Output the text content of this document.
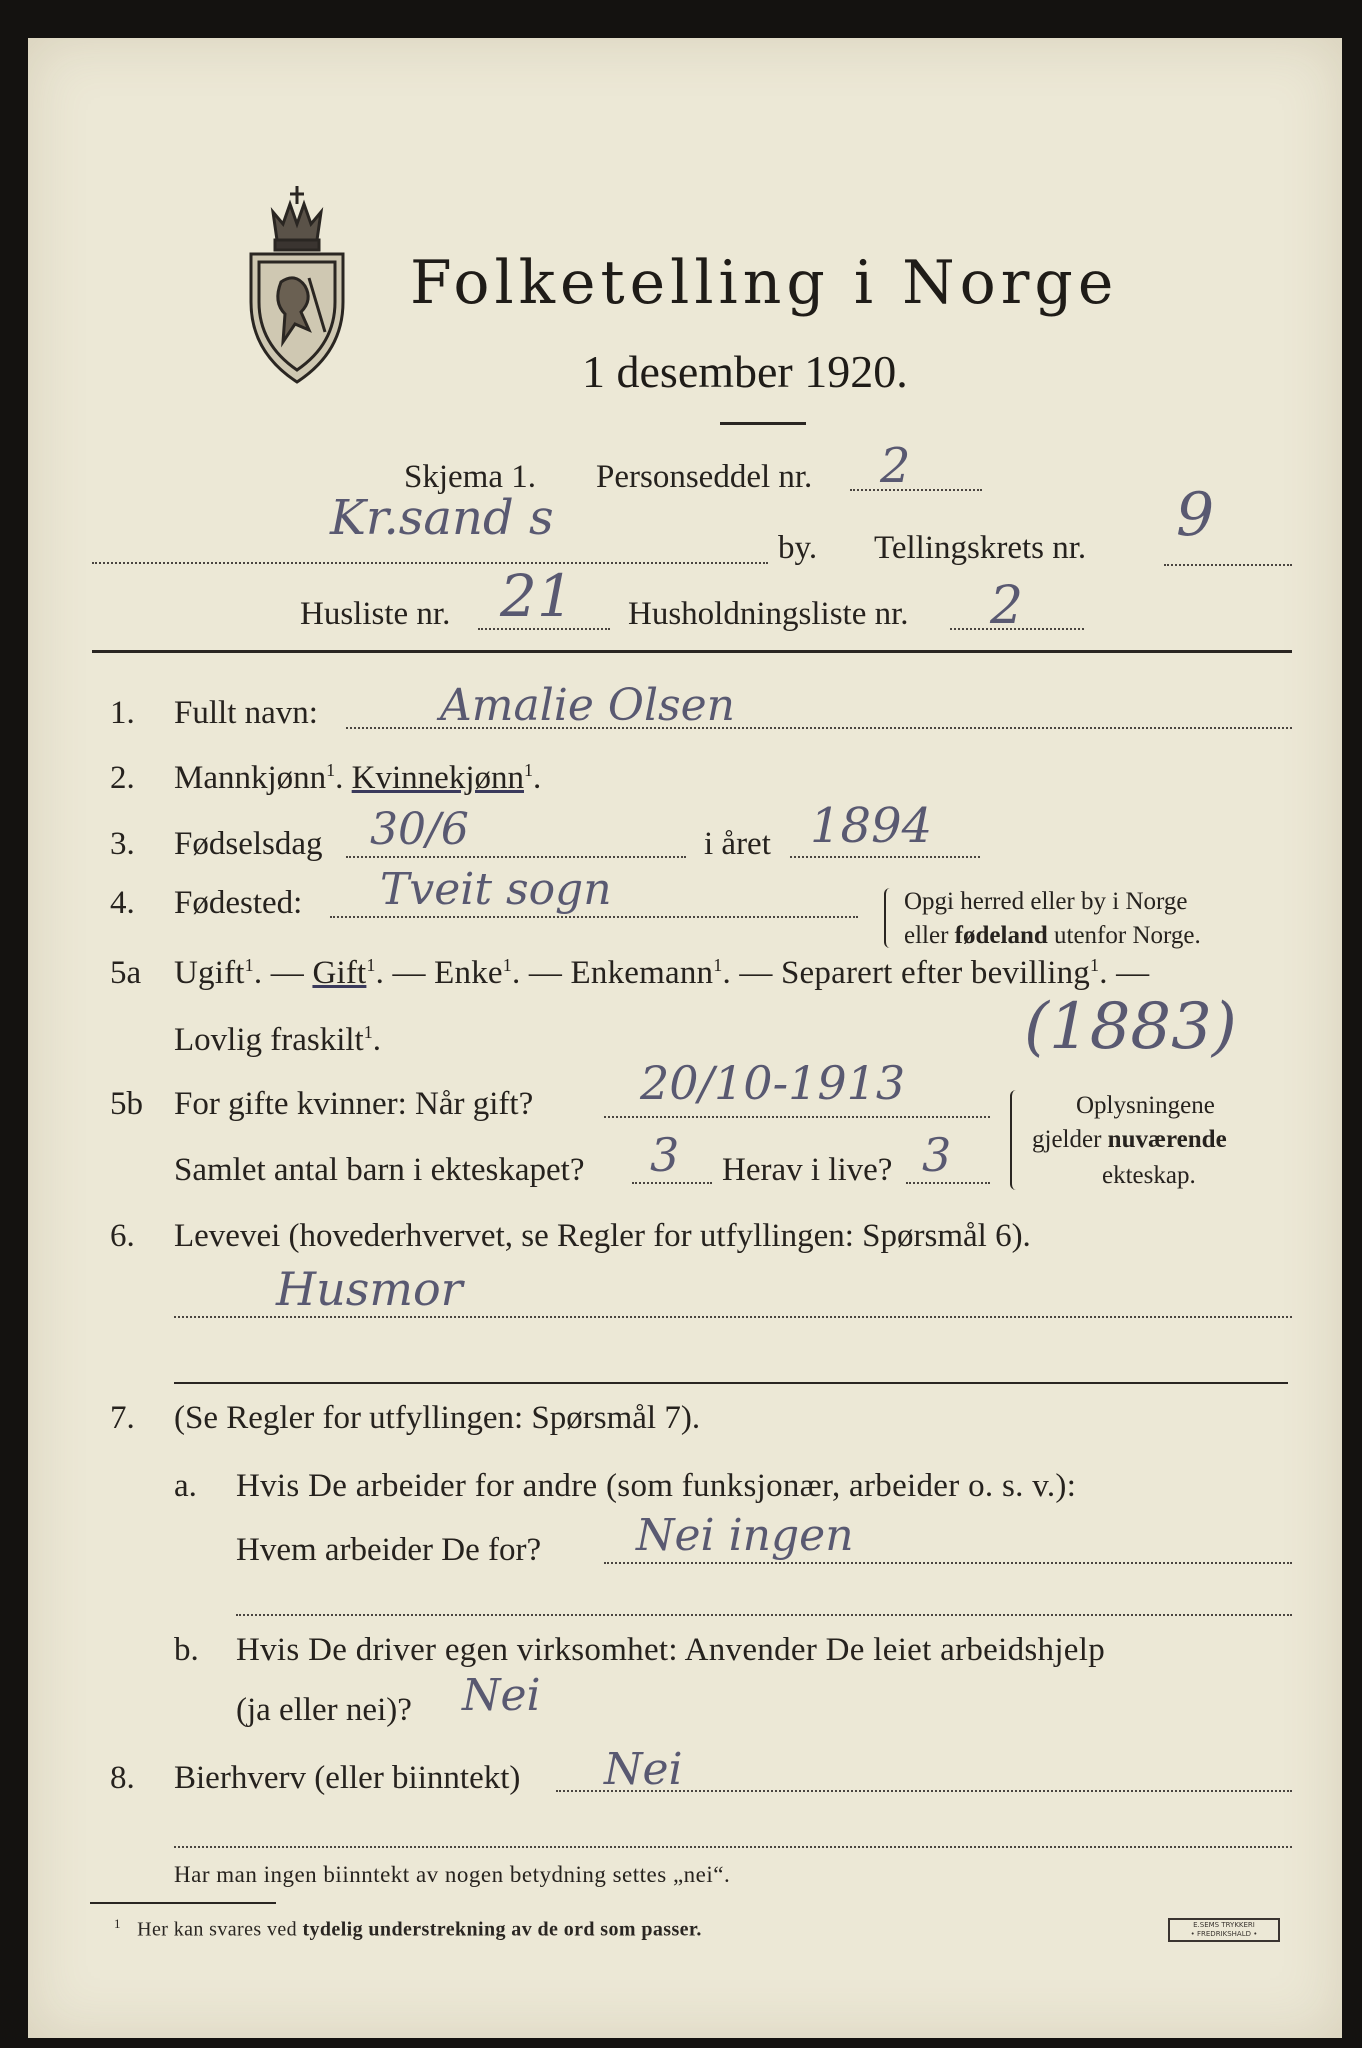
Folketelling i Norge
1 desember 1920.
Skjema 1. Personseddel nr. 2
Kr.sand s
by. Tellingskrets nr. 9
Husliste nr. 21 Husholdningsliste nr. 2
1. Fullt navn:	Amalie Olsen
2. Mannkjønn$^1$. Kvinnekjønn$^1$.
3. Fødselsdag 30/6	i året 1894
4. Fødested: Tveit sogn	Opgi herred eller by i Norge
eller fødeland utenfor Norge.
5a Ugift$^1$. — Gift$^1$. — Enke$^1$. — Enkemann$^1$. — Separert efter bevilling$^1$. —
Lovlig fraskilt$^1$.	(1883)
5b For gifte kvinner: Når gift? 20/10-1913
Samlet antal barn i ekteskapet? 3 Herav i live? 3
Oplysningene
gjelder nuværende
ekteskap.
6. Levevei (hovederhvervet, se Regler for utfyllingen: Spørsmål 6).
Husmor
7. (Se Regler for utfyllingen: Spørsmål 7).
a. Hvis De arbeider for andre (som funksjonær, arbeider o. s. v.):
Hvem arbeider De for? Nei ingen
b. Hvis De driver egen virksomhet: Anvender De leiet arbeidshjelp
(ja eller nei)? Nei
8. Bierhverv (eller biinntekt) Nei
Har man ingen biinntekt av nogen betydning settes „nei“.
$^1$ Her kan svares ved tydelig understrekning av de ord som passer.	E.SEMS TRYKKERI
• FREDRIKSHALD •
